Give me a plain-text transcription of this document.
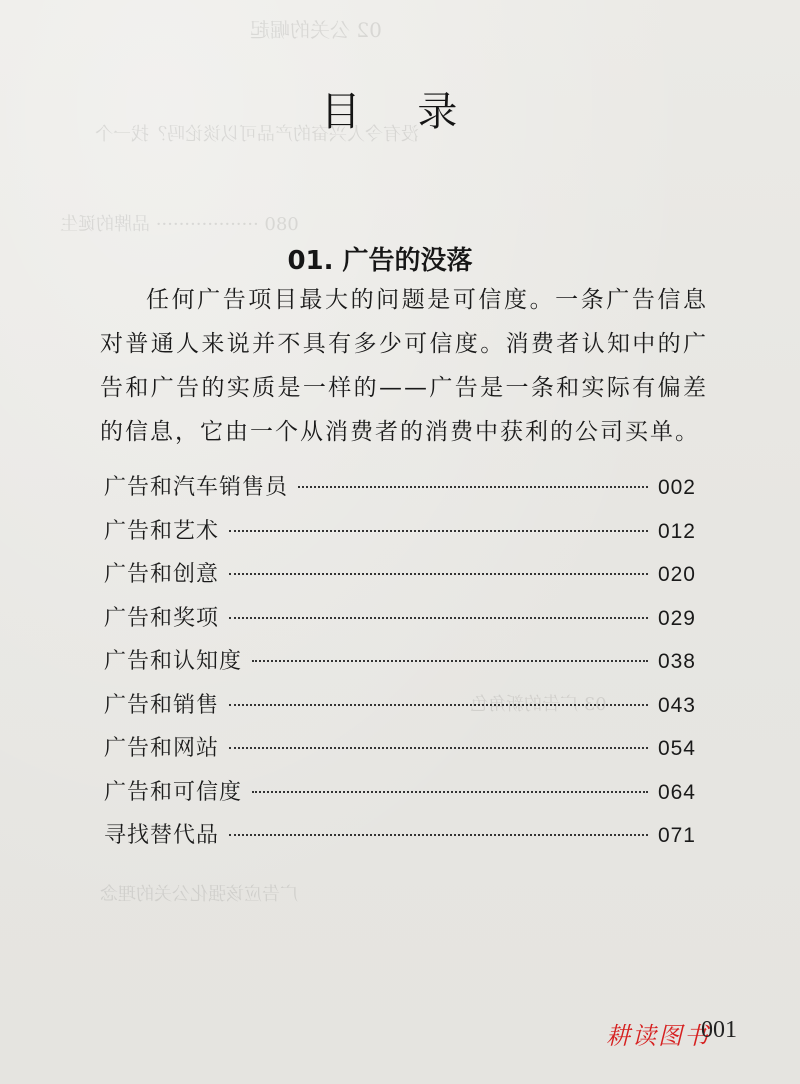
02 公关的崛起
没有令人兴奋的产品可以谈论吗？找一个
080 ·················· 品牌的诞生
03 广告的新角色
广告应该强化公关的理念
目 录
01. 广告的没落
任何广告项目最大的问题是可信度。一条广告信息对普通人来说并不具有多少可信度。消费者认知中的广告和广告的实质是一样的——广告是一条和实际有偏差的信息，它由一个从消费者的消费中获利的公司买单。
广告和汽车销售员	002
广告和艺术	012
广告和创意	020
广告和奖项	029
广告和认知度	038
广告和销售	043
广告和网站	054
广告和可信度	064
寻找替代品	071
耕读图书
001
